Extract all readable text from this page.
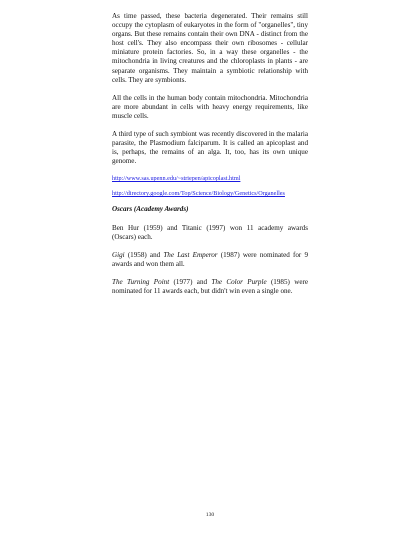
As time passed, these bacteria degenerated. Their remains still occupy the cytoplasm of eukaryotes in the form of "organelles", tiny organs. But these remains contain their own DNA - distinct from the host cell's. They also encompass their own ribosomes - cellular miniature protein factories. So, in a way these organelles - the mitochondria in living creatures and the chloroplasts in plants - are separate organisms. They maintain a symbiotic relationship with cells. They are symbionts.

All the cells in the human body contain mitochondria. Mitochondria are more abundant in cells with heavy energy requirements, like muscle cells.

A third type of such symbiont was recently discovered in the malaria parasite, the Plasmodium falciparum. It is called an apicoplast and is, perhaps, the remains of an alga. It, too, has its own unique genome.

http://www.sas.upenn.edu/~striepen/apicoplast.html
http://directory.google.com/Top/Science/Biology/Genetics/Organelles

Oscars (Academy Awards)

Ben Hur (1959) and Titanic (1997) won 11 academy awards (Oscars) each.

Gigi (1958) and The Last Emperor (1987) were nominated for 9 awards and won them all.

The Turning Point (1977) and The Color Purple (1985) were nominated for 11 awards each, but didn't win even a single one.

130
